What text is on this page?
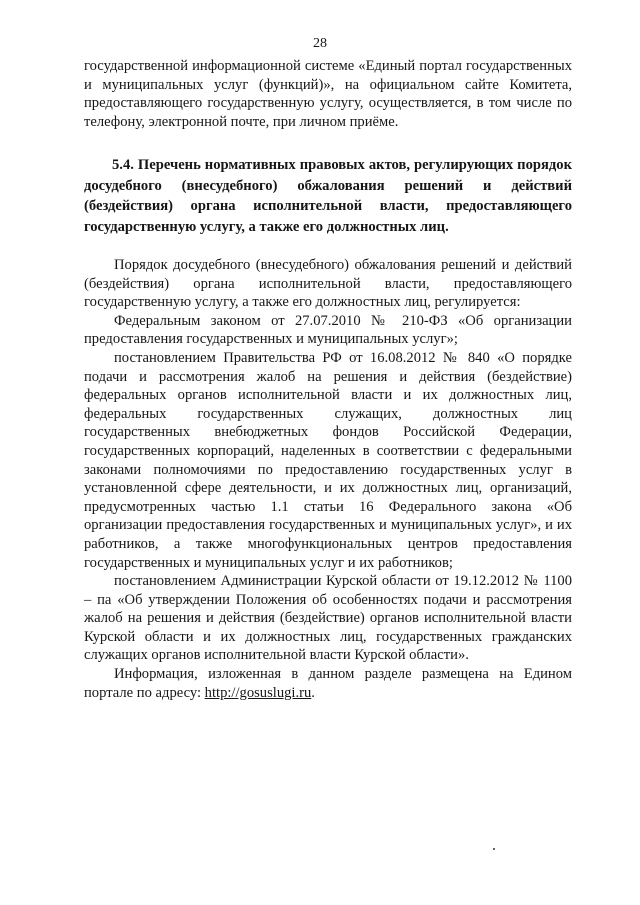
28

государственной информационной системе «Единый портал государственных и муниципальных услуг (функций)», на официальном сайте Комитета, предоставляющего государственную услугу, осуществляется, в том числе по телефону, электронной почте, при личном приёме.

5.4. Перечень нормативных правовых актов, регулирующих порядок досудебного (внесудебного) обжалования решений и действий (бездействия) органа исполнительной власти, предоставляющего государственную услугу, а также его должностных лиц.

Порядок досудебного (внесудебного) обжалования решений и действий (бездействия) органа исполнительной власти, предоставляющего государственную услугу, а также его должностных лиц, регулируется:

Федеральным законом от 27.07.2010 № 210-ФЗ «Об организации предоставления государственных и муниципальных услуг»;

постановлением Правительства РФ от 16.08.2012 № 840 «О порядке подачи и рассмотрения жалоб на решения и действия (бездействие) федеральных органов исполнительной власти и их должностных лиц, федеральных государственных служащих, должностных лиц государственных внебюджетных фондов Российской Федерации, государственных корпораций, наделенных в соответствии с федеральными законами полномочиями по предоставлению государственных услуг в установленной сфере деятельности, и их должностных лиц, организаций, предусмотренных частью 1.1 статьи 16 Федерального закона «Об организации предоставления государственных и муниципальных услуг», и их работников, а также многофункциональных центров предоставления государственных и муниципальных услуг и их работников;

постановлением Администрации Курской области от 19.12.2012 № 1100 – па «Об утверждении Положения об особенностях подачи и рассмотрения жалоб на решения и действия (бездействие) органов исполнительной власти Курской области и их должностных лиц, государственных гражданских служащих органов исполнительной власти Курской области».

Информация, изложенная в данном разделе размещена на Едином портале по адресу: http://gosuslugi.ru.
